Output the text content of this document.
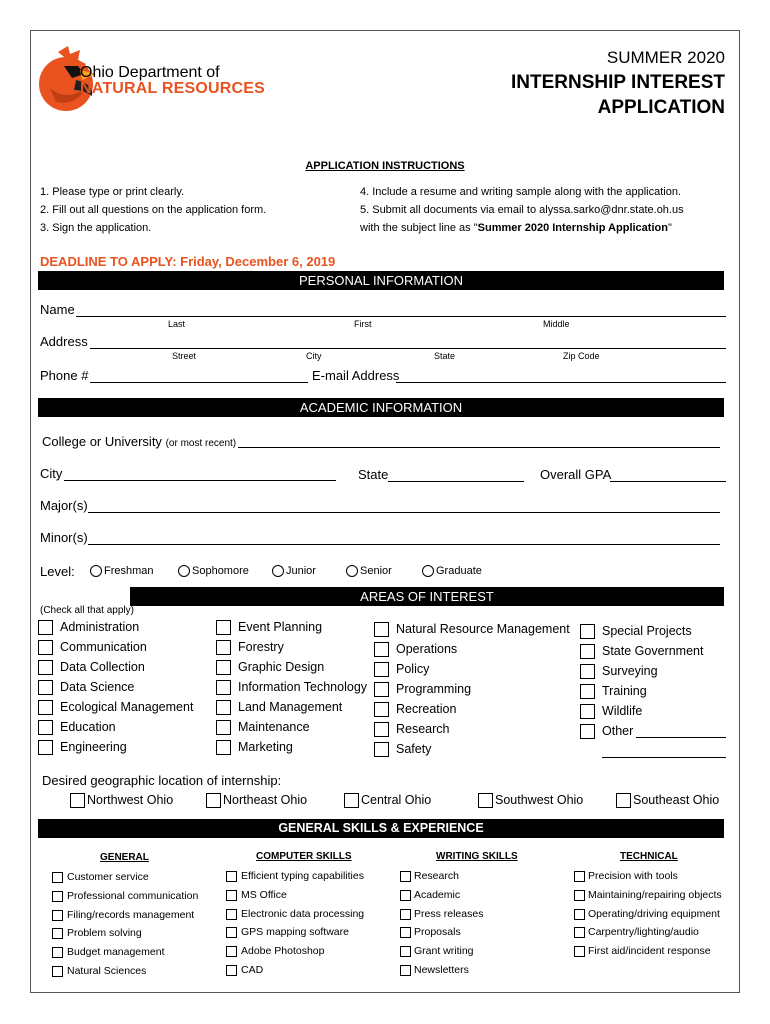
Ohio Department of
NATURAL RESOURCES
SUMMER 2020
INTERNSHIP INTEREST
APPLICATION
APPLICATION INSTRUCTIONS
1. Please type or print clearly.
2. Fill out all questions on the application form.
3. Sign the application.
4. Include a resume and writing sample along with the application.
5. Submit all documents via email to alyssa.sarko@dnr.state.oh.us
with the subject line as "Summer 2020 Internship Application"
DEADLINE TO APPLY: Friday, December 6, 2019
PERSONAL INFORMATION
Name
Last	First	Middle
Address
Street	City	State	Zip Code
Phone #	E-mail Address
ACADEMIC INFORMATION
College or University (or most recent)
City	State	Overall GPA
Major(s)
Minor(s)
Level:	Freshman	Sophomore	Junior	Senior	Graduate
AREAS OF INTEREST
(Check all that apply)
Administration
Communication
Data Collection
Data Science
Ecological Management
Education
Engineering
Event Planning
Forestry
Graphic Design
Information Technology
Land Management
Maintenance
Marketing
Natural Resource Management
Operations
Policy
Programming
Recreation
Research
Safety
Special Projects
State Government
Surveying
Training
Wildlife
Other
Desired geographic location of internship:
Northwest Ohio	Northeast Ohio	Central Ohio	Southwest Ohio	Southeast Ohio
GENERAL SKILLS & EXPERIENCE
GENERAL	COMPUTER SKILLS	WRITING SKILLS	TECHNICAL
Customer service
Professional communication
Filing/records management
Problem solving
Budget management
Natural Sciences
Efficient typing capabilities
MS Office
Electronic data processing
GPS mapping software
Adobe Photoshop
CAD
Research
Academic
Press releases
Proposals
Grant writing
Newsletters
Precision with tools
Maintaining/repairing objects
Operating/driving equipment
Carpentry/lighting/audio
First aid/incident response
